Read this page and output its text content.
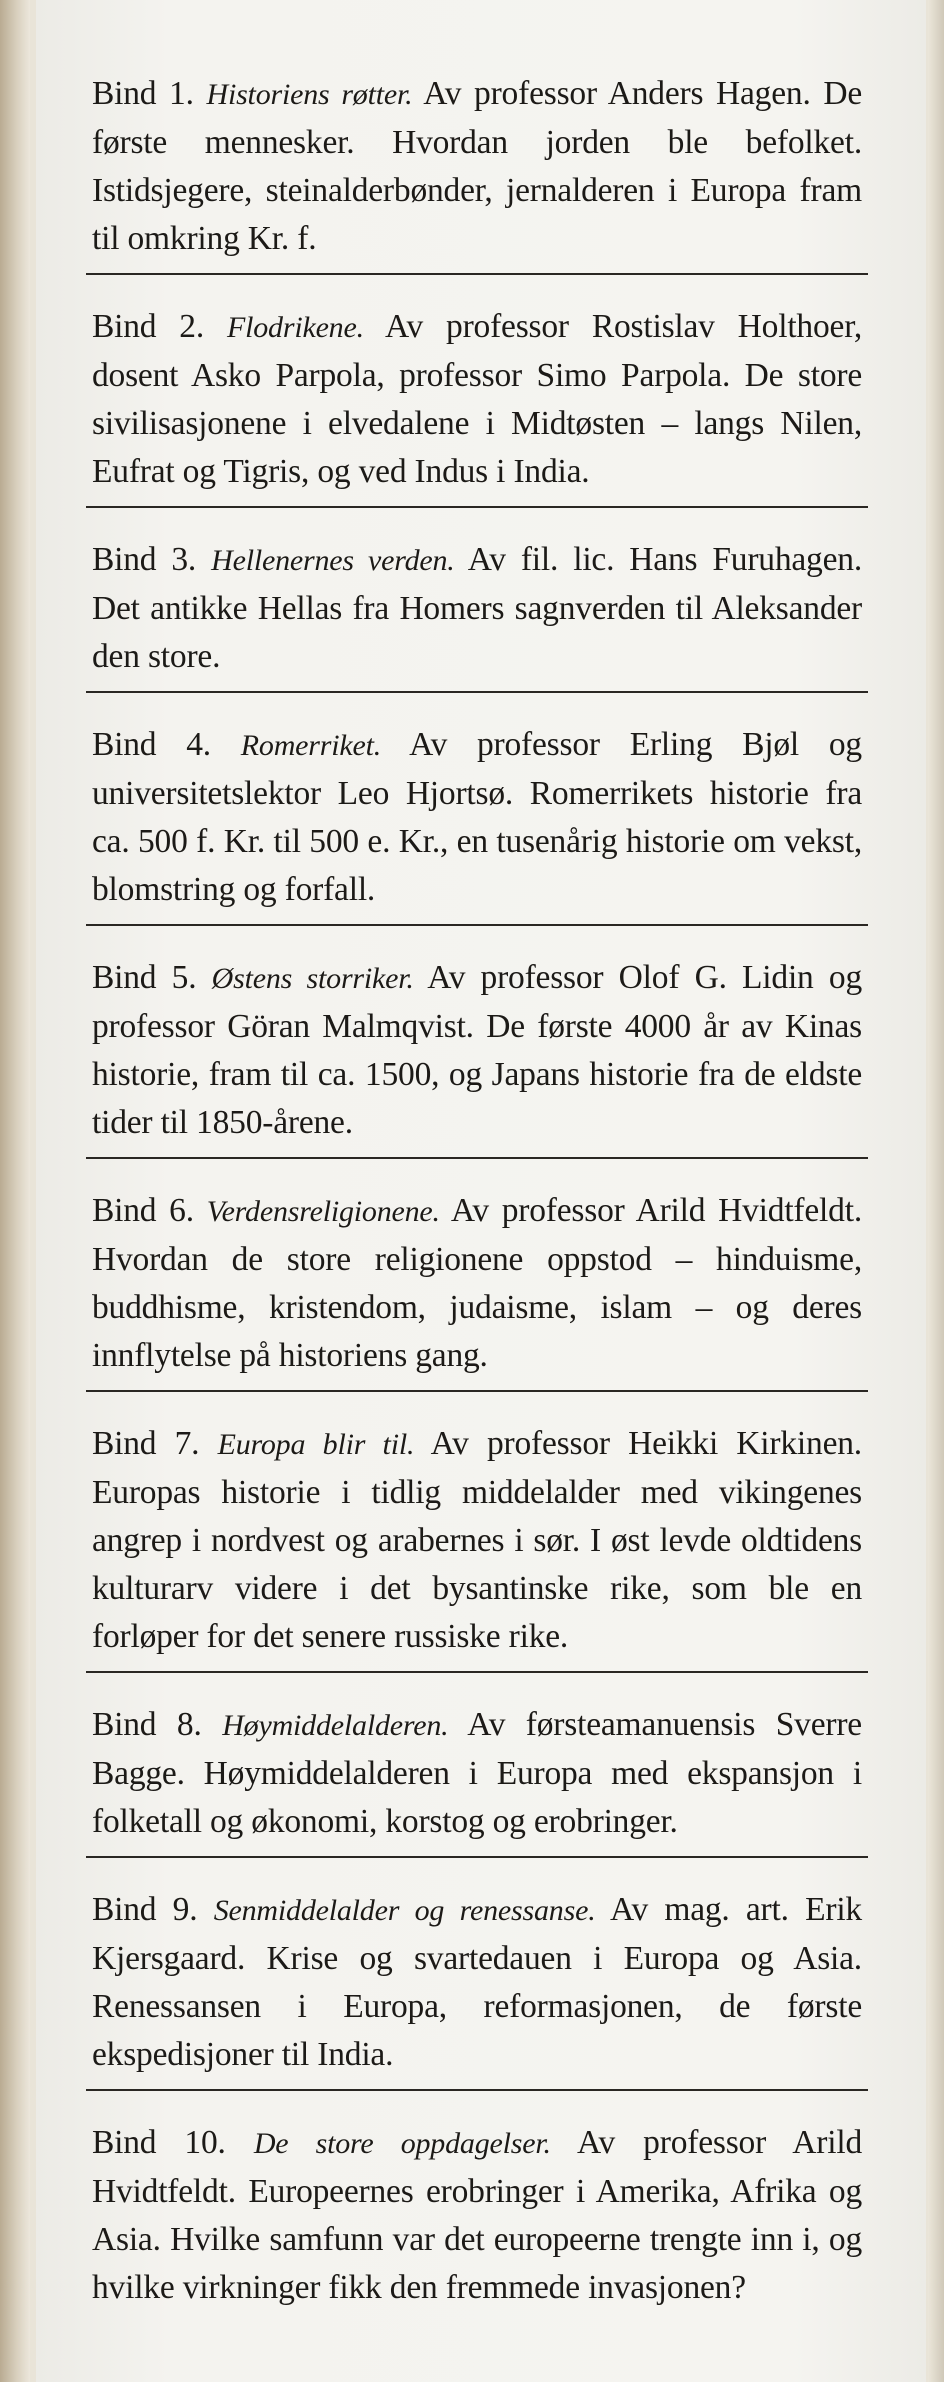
Bind 1. Historiens røtter. Av professor Anders Hagen. De første mennesker. Hvordan jorden ble befolket. Istidsjegere, steinalderbønder, jernalderen i Europa fram til omkring Kr. f.

Bind 2. Flodrikene. Av professor Rostislav Holthoer, dosent Asko Parpola, professor Simo Parpola. De store sivilisasjonene i elvedalene i Midtøsten – langs Nilen, Eufrat og Tigris, og ved Indus i India.

Bind 3. Hellenernes verden. Av fil. lic. Hans Furuhagen. Det antikke Hellas fra Homers sagnverden til Aleksander den store.

Bind 4. Romerriket. Av professor Erling Bjøl og universitetslektor Leo Hjortsø. Romerrikets historie fra ca. 500 f. Kr. til 500 e. Kr., en tusenårig historie om vekst, blomstring og forfall.

Bind 5. Østens storriker. Av professor Olof G. Lidin og professor Göran Malmqvist. De første 4000 år av Kinas historie, fram til ca. 1500, og Japans historie fra de eldste tider til 1850-årene.

Bind 6. Verdensreligionene. Av professor Arild Hvidtfeldt. Hvordan de store religionene oppstod – hinduisme, buddhisme, kristendom, judaisme, islam – og deres innflytelse på historiens gang.

Bind 7. Europa blir til. Av professor Heikki Kirkinen. Europas historie i tidlig middelalder med vikingenes angrep i nordvest og arabernes i sør. I øst levde oldtidens kulturarv videre i det bysantinske rike, som ble en forløper for det senere russiske rike.

Bind 8. Høymiddelalderen. Av førsteamanuensis Sverre Bagge. Høymiddelalderen i Europa med ekspansjon i folketall og økonomi, korstog og erobringer.

Bind 9. Senmiddelalder og renessanse. Av mag. art. Erik Kjersgaard. Krise og svartedauen i Europa og Asia. Renessansen i Europa, reformasjonen, de første ekspedisjoner til India.

Bind 10. De store oppdagelser. Av professor Arild Hvidtfeldt. Europeernes erobringer i Amerika, Afrika og Asia. Hvilke samfunn var det europeerne trengte inn i, og hvilke virkninger fikk den fremmede invasjonen?
